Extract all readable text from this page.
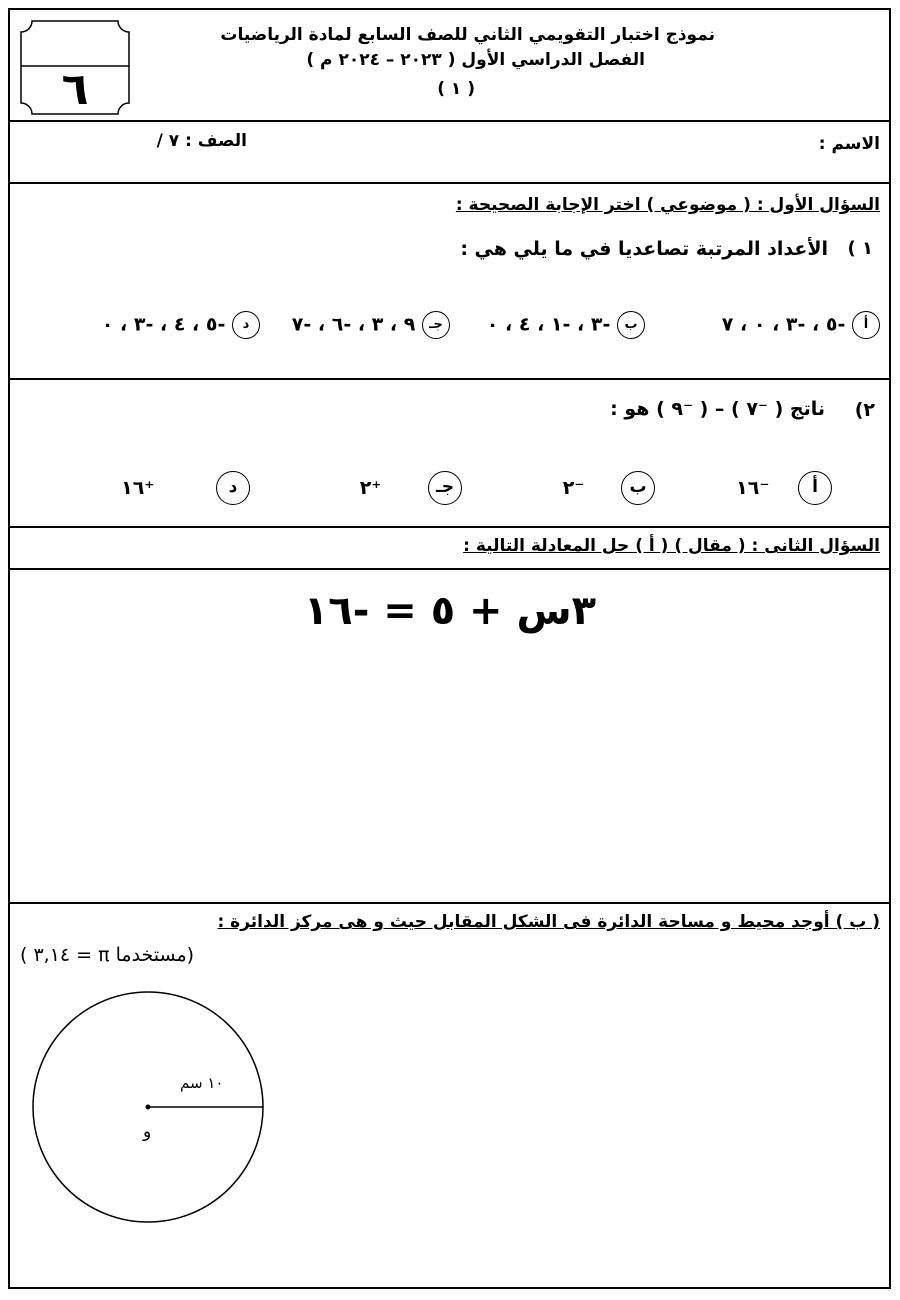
٦
نموذج اختبار التقويمي الثاني للصف السابع لمادة الرياضيات
الفصل الدراسي الأول ( ٢٠٢٣ – ٢٠٢٤ م )
( ١ )
الاسم :
الصف : ٧ /
السؤال الأول : ( موضوعي ) اختر الإجابة الصحيحة :
١ )
الأعداد المرتبة تصاعديا في ما يلي هي :
أ -٥ ، -٣ ، ٠ ، ٧
ب -٣ ، -١ ، ٤ ، ٠
جـ ٩ ، ٣ ، -٦ ، -٧
د -٥ ، ٤ ، -٣ ، ٠
٢)
ناتج ( ⁻٧ ) – ( ⁻٩ ) هو :
أ ⁻١٦
ب ⁻٢
جـ ⁺٢
د ⁺١٦
السؤال الثانى : ( مقال ) ( أ ) حل المعادلة التالية :
٣س + ٥ = -١٦
( ب ) أوجد محيط و مساحة الدائرة فى الشكل المقابل حيث و هى مركز الدائرة :
(مستخدما π = ٣,١٤ )
١٠ سم
و
